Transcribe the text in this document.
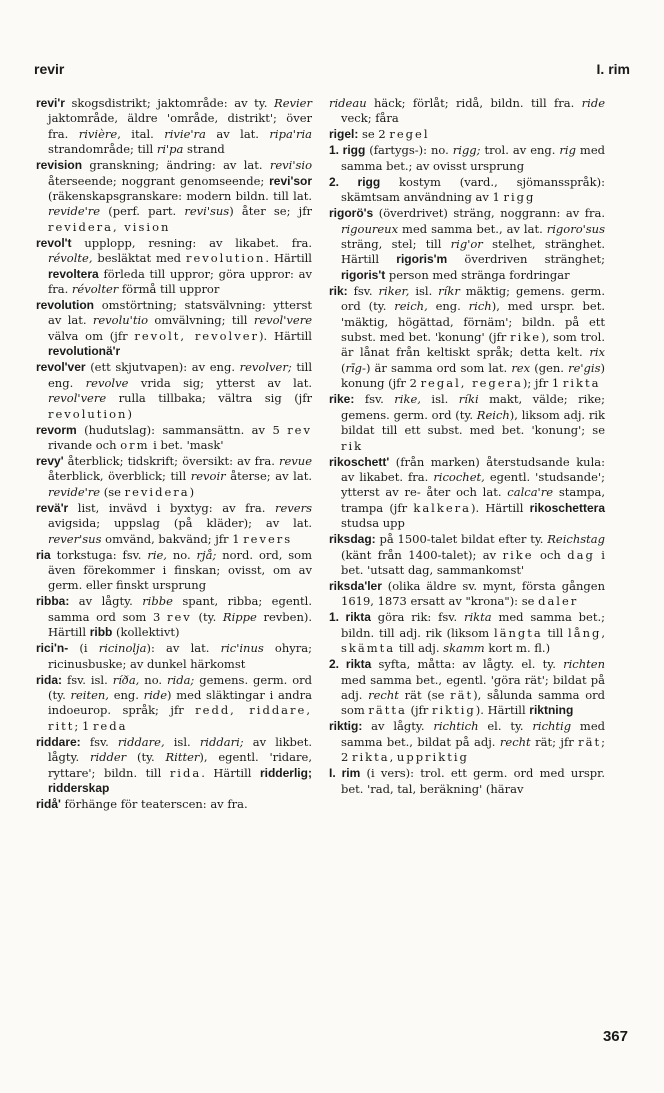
revir	I. rim
revi'r skogsdistrikt; jaktområde: av ty. Revier jaktområde, äldre 'område, distrikt'; över fra. rivière, ital. rivie'ra av lat. ripa'ria strandområde; till ri'pa strand
revision granskning; ändring: av lat. revi'sio återseende; noggrant genomseende; revi'sor (räkenskapsgranskare: modern bildn. till lat. revide're (perf. part. revi'sus) åter se; jfr revidera, vision
revol't upplopp, resning: av likabet. fra. révolte, besläktat med revolution. Härtill revoltera förleda till uppror; göra uppror: av fra. révolter förmå till uppror
revolution omstörtning; statsvälvning: ytterst av lat. revolu'tio omvälvning; till revol'vere välva om (jfr revolt, revolver). Härtill revolutionä'r
revol'ver (ett skjutvapen): av eng. revolver; till eng. revolve vrida sig; ytterst av lat. revol'vere rulla tillbaka; vältra sig (jfr revolution)
revorm (hudutslag): sammansättn. av 5 rev rivande och orm i bet. 'mask'
revy' återblick; tidskrift; översikt: av fra. revue återblick, överblick; till revoir återse; av lat. revide're (se revidera)
revä'r list, invävd i byxtyg: av fra. revers avigsida; uppslag (på kläder); av lat. rever'sus omvänd, bakvänd; jfr 1 revers
ria torkstuga: fsv. rie, no. rjå; nord. ord, som även förekommer i finskan; ovisst, om av germ. eller finskt ursprung
ribba: av lågty. ribbe spant, ribba; egentl. samma ord som 3 rev (ty. Rippe revben). Härtill ribb (kollektivt)
rici'n- (i ricinolja): av lat. ric'inus ohyra; ricinusbuske; av dunkel härkomst
rida: fsv. isl. ríða, no. rida; gemens. germ. ord (ty. reiten, eng. ride) med släktingar i andra indoeurop. språk; jfr redd, riddare, ritt; 1 reda
riddare: fsv. riddare, isl. riddari; av likbet. lågty. ridder (ty. Ritter), egentl. 'ridare, ryttare'; bildn. till rida. Härtill ridderlig; ridderskap
ridå' förhänge för teaterscen: av fra.
rideau häck; förlåt; ridå, bildn. till fra. ride veck; fåra
rigel: se 2 regel
1. rigg (fartygs-): no. rigg; trol. av eng. rig med samma bet.; av ovisst ursprung
2. rigg kostym (vard., sjömansspråk): skämtsam användning av 1 rigg
rigorö's (överdrivet) sträng, noggrann: av fra. rigoureux med samma bet., av lat. rigoro'sus sträng, stel; till rig'or stelhet, stränghet. Härtill rigoris'm överdriven stränghet; rigoris't person med stränga fordringar
rik: fsv. riker, isl. ríkr mäktig; gemens. germ. ord (ty. reich, eng. rich), med urspr. bet. 'mäktig, högättad, förnäm'; bildn. på ett subst. med bet. 'konung' (jfr rike), som trol. är lånat från keltiskt språk; detta kelt. rix (rīg-) är samma ord som lat. rex (gen. re'gis) konung (jfr 2 regal, regera); jfr 1 rikta
rike: fsv. rike, isl. ríki makt, välde; rike; gemens. germ. ord (ty. Reich), liksom adj. rik bildat till ett subst. med bet. 'konung'; se rik
rikoschett' (från marken) återstudsande kula: av likabet. fra. ricochet, egentl. 'studsande'; ytterst av re- åter och lat. calca're stampa, trampa (jfr kalkera). Härtill rikoschettera studsa upp
riksdag: på 1500-talet bildat efter ty. Reichstag (känt från 1400-talet); av rike och dag i bet. 'utsatt dag, sammankomst'
riksda'ler (olika äldre sv. mynt, första gången 1619, 1873 ersatt av "krona"): se daler
1. rikta göra rik: fsv. rikta med samma bet.; bildn. till adj. rik (liksom längta till lång, skämta till adj. skamm kort m. fl.)
2. rikta syfta, måtta: av lågty. el. ty. richten med samma bet., egentl. 'göra rät'; bildat på adj. recht rät (se rät), sålunda samma ord som rätta (jfr riktig). Härtill riktning
riktig: av lågty. richtich el. ty. richtig med samma bet., bildat på adj. recht rät; jfr rät; 2 rikta, uppriktig
I. rim (i vers): trol. ett germ. ord med urspr. bet. 'rad, tal, beräkning' (härav
367
